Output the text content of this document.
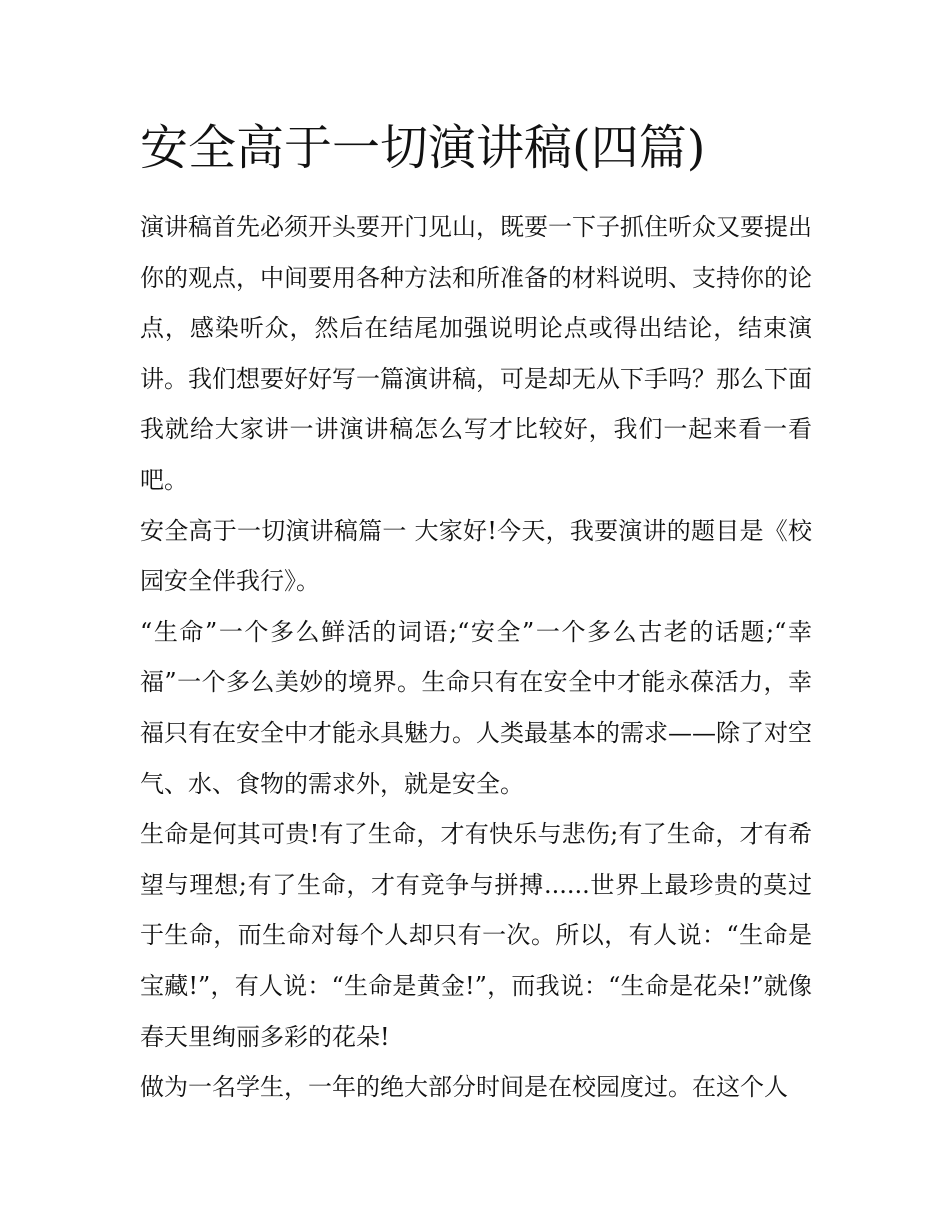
安全高于一切演讲稿(四篇)

演讲稿首先必须开头要开门见山，既要一下子抓住听众又要提出你的观点，中间要用各种方法和所准备的材料说明、支持你的论点，感染听众，然后在结尾加强说明论点或得出结论，结束演讲。我们想要好好写一篇演讲稿，可是却无从下手吗？那么下面我就给大家讲一讲演讲稿怎么写才比较好，我们一起来看一看吧。

安全高于一切演讲稿篇一 大家好!今天，我要演讲的题目是《校园安全伴我行》。

“生命”一个多么鲜活的词语;“安全”一个多么古老的话题;“幸福”一个多么美妙的境界。生命只有在安全中才能永葆活力，幸福只有在安全中才能永具魅力。人类最基本的需求——除了对空气、水、食物的需求外，就是安全。

生命是何其可贵!有了生命，才有快乐与悲伤;有了生命，才有希望与理想;有了生命，才有竞争与拼搏......世界上最珍贵的莫过于生命，而生命对每个人却只有一次。所以，有人说：“生命是宝藏!”，有人说：“生命是黄金!”，而我说：“生命是花朵!”就像春天里绚丽多彩的花朵!

做为一名学生，一年的绝大部分时间是在校园度过。在这个人
